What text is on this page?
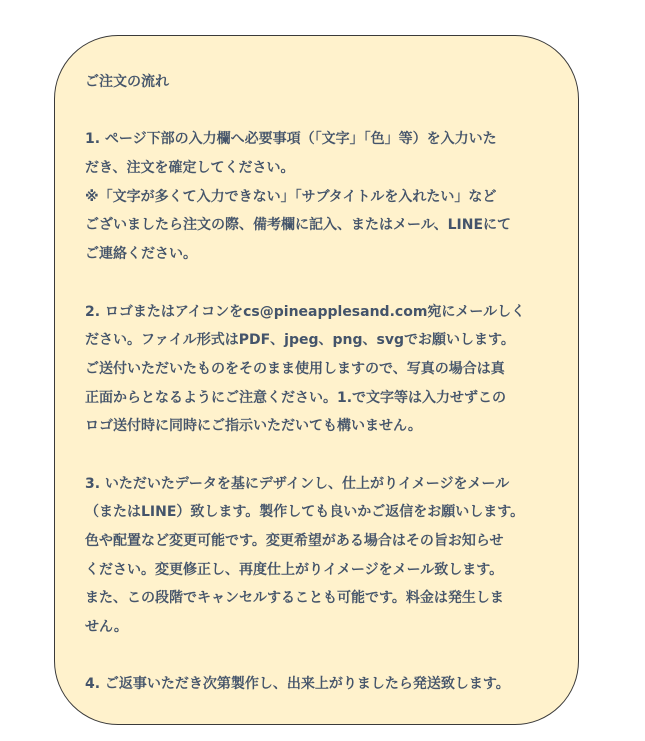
ご注文の流れ
1. ページ下部の入力欄へ必要事項（「文字」「色」等）を入力いた
だき、注文を確定してください。
※「文字が多くて入力できない」「サブタイトルを入れたい」など
ございましたら注文の際、備考欄に記入、またはメール、LINEにて
ご連絡ください。
2. ロゴまたはアイコンをcs@pineapplesand.com宛にメールしく
ださい。ファイル形式はPDF、jpeg、png、svgでお願いします。
ご送付いただいたものをそのまま使用しますので、写真の場合は真
正面からとなるようにご注意ください。1.で文字等は入力せずこの
ロゴ送付時に同時にご指示いただいても構いません。
3. いただいたデータを基にデザインし、仕上がりイメージをメール
（またはLINE）致します。製作しても良いかご返信をお願いします。
色や配置など変更可能です。変更希望がある場合はその旨お知らせ
ください。変更修正し、再度仕上がりイメージをメール致します。
また、この段階でキャンセルすることも可能です。料金は発生しま
せん。
4. ご返事いただき次第製作し、出来上がりましたら発送致します。
